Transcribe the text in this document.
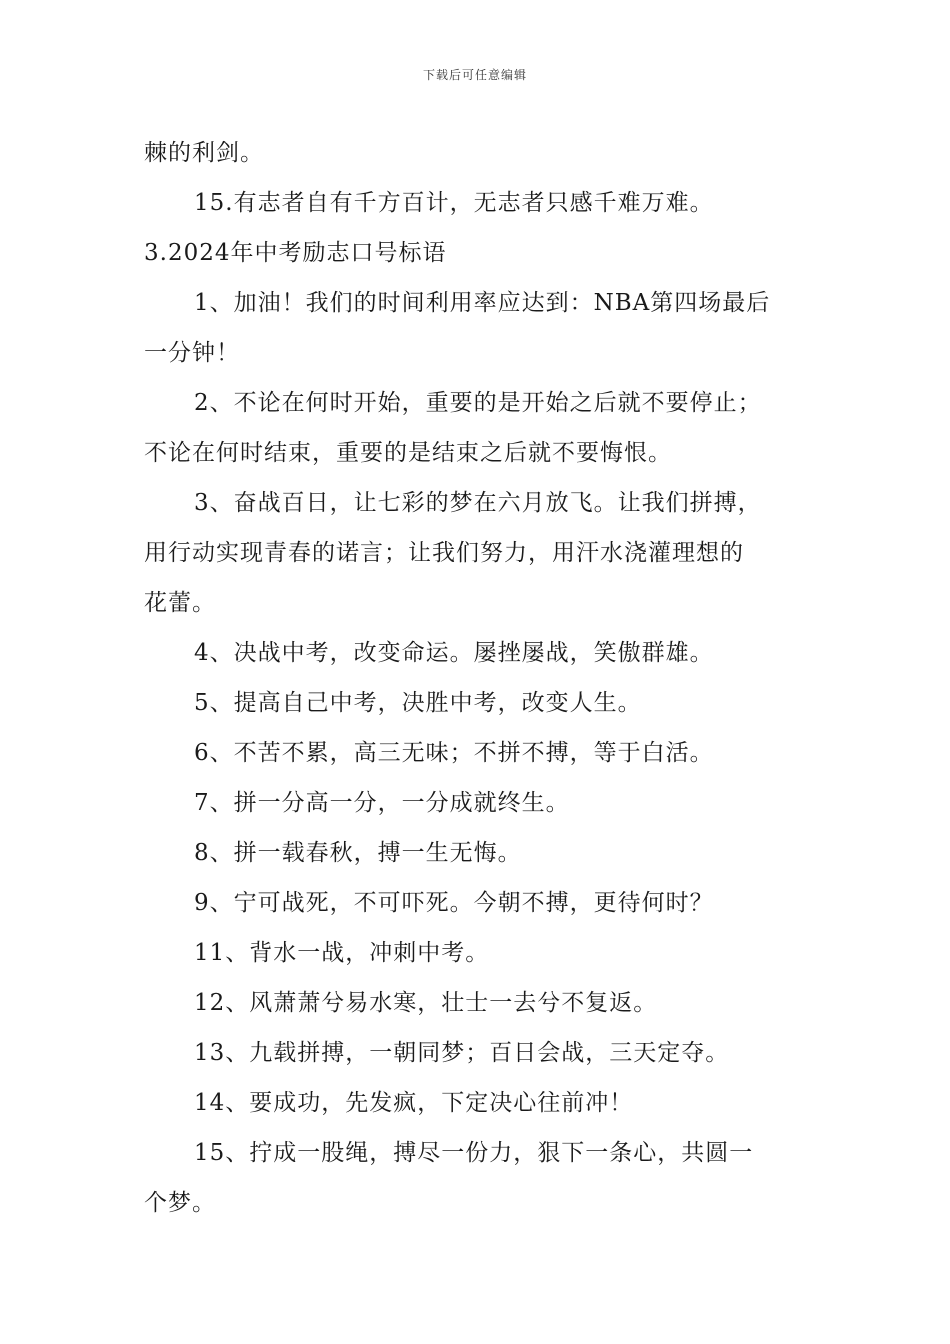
下载后可任意编辑
棘的利剑。
15.有志者自有千方百计，无志者只感千难万难。
3.2024年中考励志口号标语
1、加油！我们的时间利用率应达到：NBA第四场最后
一分钟！
2、不论在何时开始，重要的是开始之后就不要停止；
不论在何时结束，重要的是结束之后就不要悔恨。
3、奋战百日，让七彩的梦在六月放飞。让我们拼搏，
用行动实现青春的诺言；让我们努力，用汗水浇灌理想的
花蕾。
4、决战中考，改变命运。屡挫屡战，笑傲群雄。
5、提高自己中考，决胜中考，改变人生。
6、不苦不累，高三无味；不拼不搏，等于白活。
7、拼一分高一分，一分成就终生。
8、拼一载春秋，搏一生无悔。
9、宁可战死，不可吓死。今朝不搏，更待何时？
11、背水一战，冲刺中考。
12、风萧萧兮易水寒，壮士一去兮不复返。
13、九载拼搏，一朝同梦；百日会战，三天定夺。
14、要成功，先发疯，下定决心往前冲！
15、拧成一股绳，搏尽一份力，狠下一条心，共圆一
个梦。
